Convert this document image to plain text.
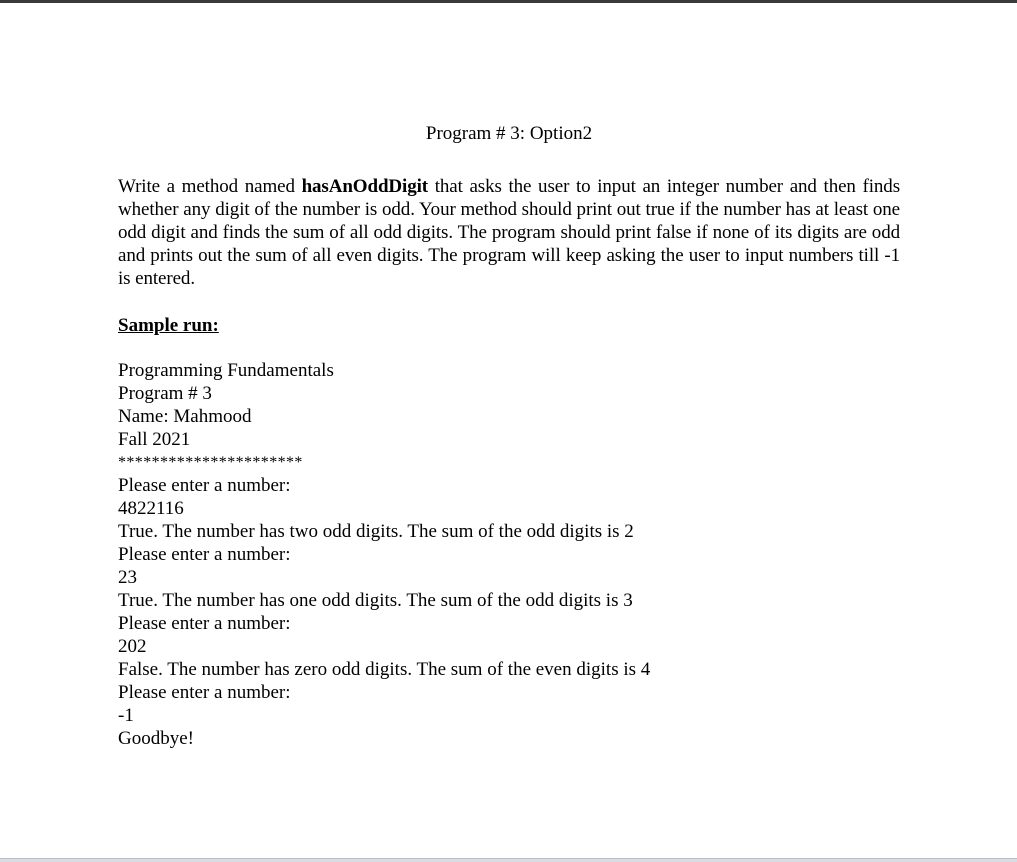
Program # 3: Option2

Write a method named hasAnOddDigit that asks the user to input an integer number and then finds whether any digit of the number is odd. Your method should print out true if the number has at least one odd digit and finds the sum of all odd digits. The program should print false if none of its digits are odd and prints out the sum of all even digits. The program will keep asking the user to input numbers till -1 is entered.

Sample run:

Programming Fundamentals
Program # 3
Name: Mahmood
Fall 2021
**********************
Please enter a number:
4822116
True. The number has two odd digits. The sum of the odd digits is 2
Please enter a number:
23
True. The number has one odd digits. The sum of the odd digits is 3
Please enter a number:
202
False. The number has zero odd digits. The sum of the even digits is 4
Please enter a number:
-1
Goodbye!
